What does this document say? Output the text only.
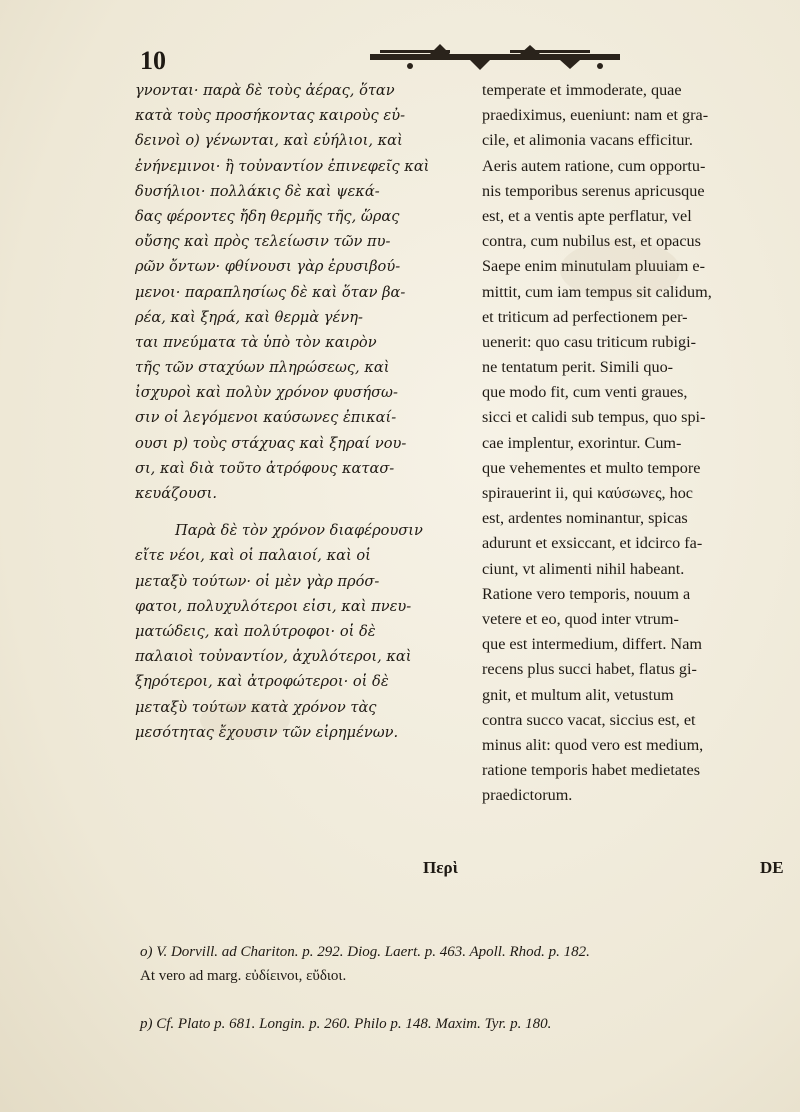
10
γνονται· παρὰ δὲ τοὺς ἀέρας, ὅταν
κατὰ τοὺς προσήκοντας καιροὺς εὐ-
δεινοὶ o) γένωνται, καὶ εὐήλιοι, καὶ
ἐνήνεμινοι· ἢ τοὐναντίον ἐπινεφεῖς καὶ
δυσήλιοι· πολλάκις δὲ καὶ ψεκά-
δας φέροντες ἤδη θερμῆς τῆς, ὥρας
οὔσης καὶ πρὸς τελείωσιν τῶν πυ-
ρῶν ὄντων· φθίνουσι γὰρ ἐρυσιβού-
μενοι· παραπλησίως δὲ καὶ ὅταν βα-
ρέα, καὶ ξηρά, καὶ θερμὰ γένη-
ται πνεύματα τὰ ὑπὸ τὸν καιρὸν
τῆς τῶν σταχύων πληρώσεως, καὶ
ἰσχυροὶ καὶ πολὺν χρόνον φυσήσω-
σιν οἱ λεγόμενοι καύσωνες ἐπικαί-
ουσι p) τοὺς στάχυας καὶ ξηραί νου-
σι, καὶ διὰ τοῦτο ἀτρόφους κατασ-
κευάζουσι.
Παρὰ δὲ τὸν χρόνον διαφέρουσιν
εἴτε νέοι, καὶ οἱ παλαιοί, καὶ οἱ
μεταξὺ τούτων· οἱ μὲν γὰρ πρόσ-
φατοι, πολυχυλότεροι εἰσι, καὶ πνευ-
ματώδεις, καὶ πολύτροφοι· οἱ δὲ
παλαιοὶ τοὐναντίον, ἀχυλότεροι, καὶ
ξηρότεροι, καὶ ἀτροφώτεροι· οἱ δὲ
μεταξὺ τούτων κατὰ χρόνον τὰς
μεσότητας ἔχουσιν τῶν εἰρημένων.
temperate et immoderate, quae
praediximus, eueniunt: nam et gra-
cile, et alimonia vacans efficitur.
Aeris autem ratione, cum opportu-
nis temporibus serenus apricusque
est, et a ventis apte perflatur, vel
contra, cum nubilus est, et opacus
Saepe enim minutulam pluuiam e-
mittit, cum iam tempus sit calidum,
et triticum ad perfectionem per-
uenerit: quo casu triticum rubigi-
ne tentatum perit. Simili quo-
que modo fit, cum venti graues,
sicci et calidi sub tempus, quo spi-
cae implentur, exorintur. Cum-
que vehementes et multo tempore
spirauerint ii, qui καύσωνες, hoc
est, ardentes nominantur, spicas
adurunt et exsiccant, et idcirco fa-
ciunt, vt alimenti nihil habeant.
Ratione vero temporis, nouum a
vetere et eo, quod inter vtrum-
que est intermedium, differt. Nam
recens plus succi habet, flatus gi-
gnit, et multum alit, vetustum
contra succo vacat, siccius est, et
minus alit: quod vero est medium,
ratione temporis habet medietates
praedictorum.
Περὶ	DE
o) V. Dorvill. ad Chariton. p. 292. Diog. Laert. p. 463. Apoll. Rhod. p. 182.
At vero ad marg. εὐδίεινοι, εὔδιοι.
p) Cf. Plato p. 681. Longin. p. 260. Philo p. 148. Maxim. Tyr. p. 180.
